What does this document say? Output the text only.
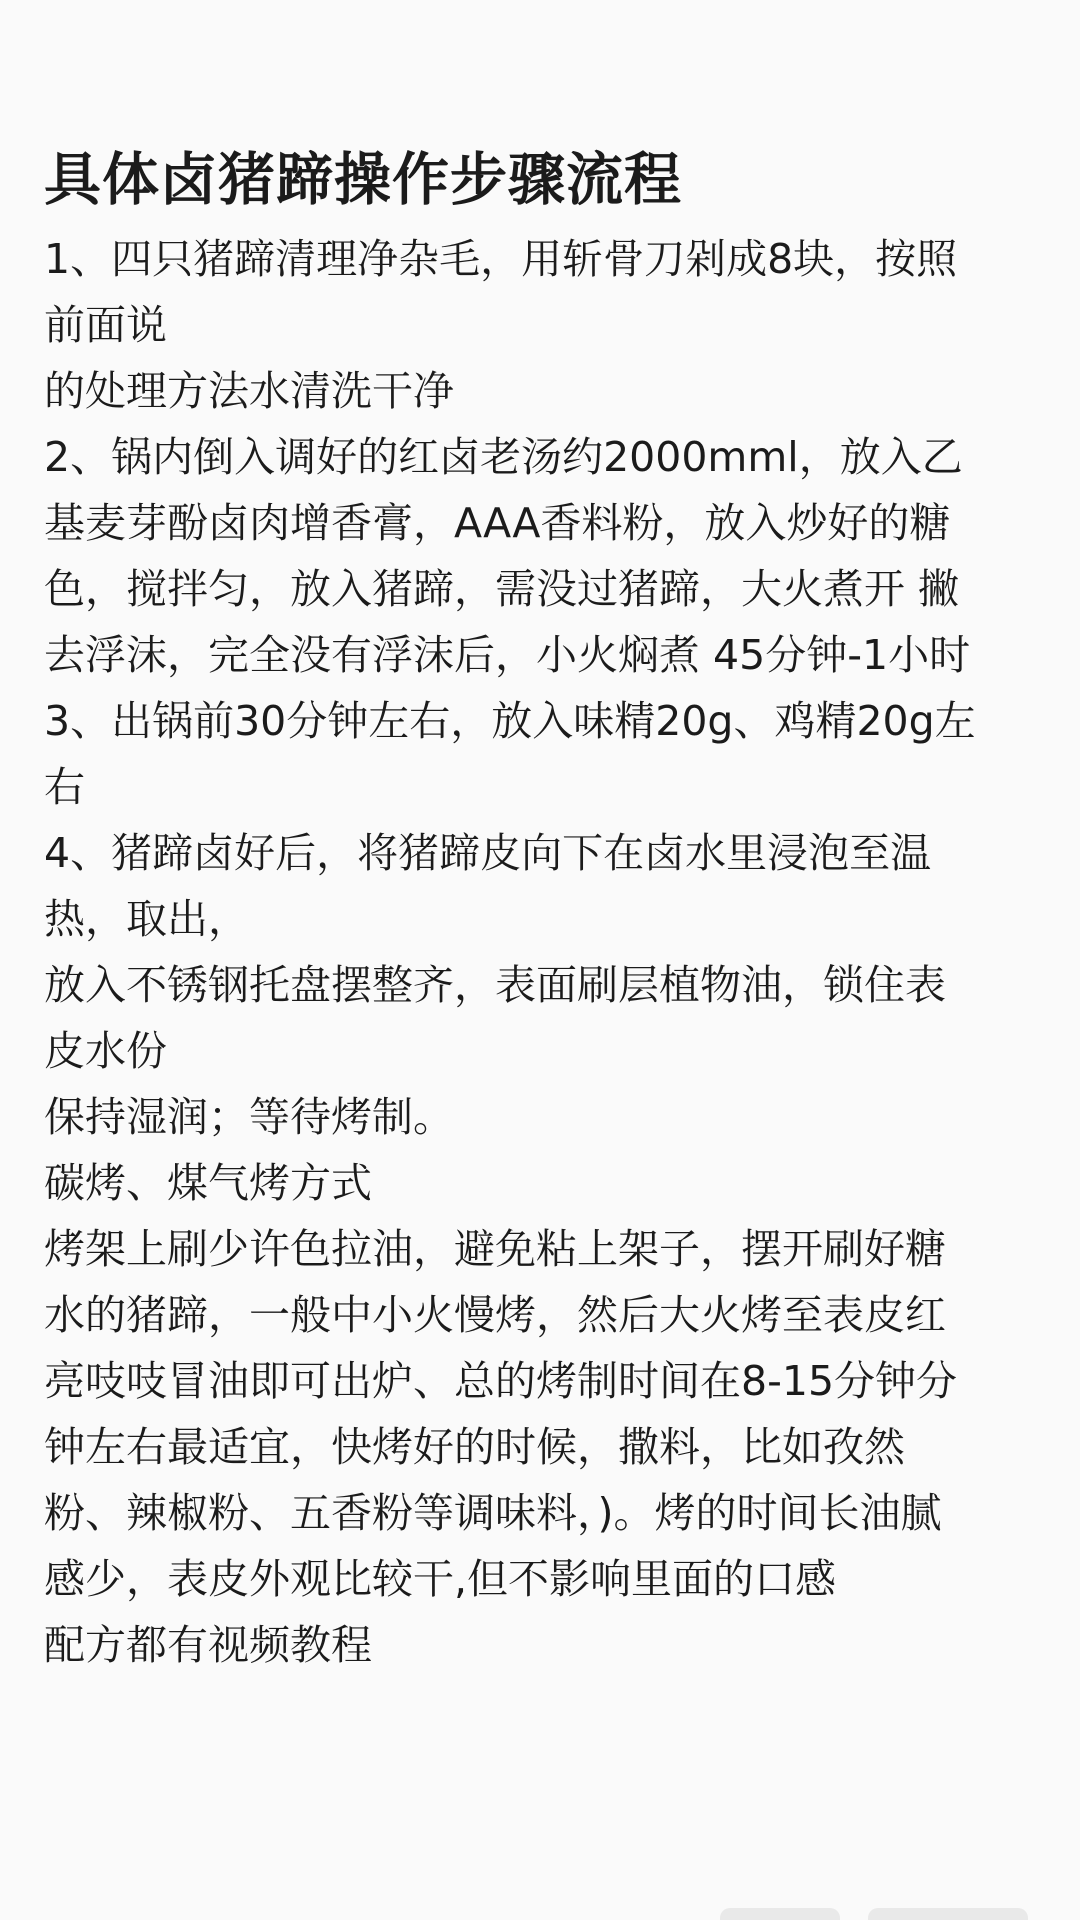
具体卤猪蹄操作步骤流程
1、四只猪蹄清理净杂毛，用斩骨刀剁成8块，按照
前面说
的处理方法水清洗干净
2、锅内倒入调好的红卤老汤约2000mml，放入乙
基麦芽酚卤肉增香膏，AAA香料粉，放入炒好的糖
色，搅拌匀，放入猪蹄，需没过猪蹄，大火煮开 撇
去浮沫，完全没有浮沫后，小火焖煮 45分钟-1小时
3、出锅前30分钟左右，放入味精20g、鸡精20g左
右
4、猪蹄卤好后，将猪蹄皮向下在卤水里浸泡至温
热，取出，
放入不锈钢托盘摆整齐，表面刷层植物油，锁住表
皮水份
保持湿润；等待烤制。
碳烤、煤气烤方式
烤架上刷少许色拉油，避免粘上架子，摆开刷好糖
水的猪蹄，一般中小火慢烤，然后大火烤至表皮红
亮吱吱冒油即可出炉、总的烤制时间在8-15分钟分
钟左右最适宜，快烤好的时候，撒料，比如孜然
粉、辣椒粉、五香粉等调味料，)。烤的时间长油腻
感少，表皮外观比较干,但不影响里面的口感
配方都有视频教程
